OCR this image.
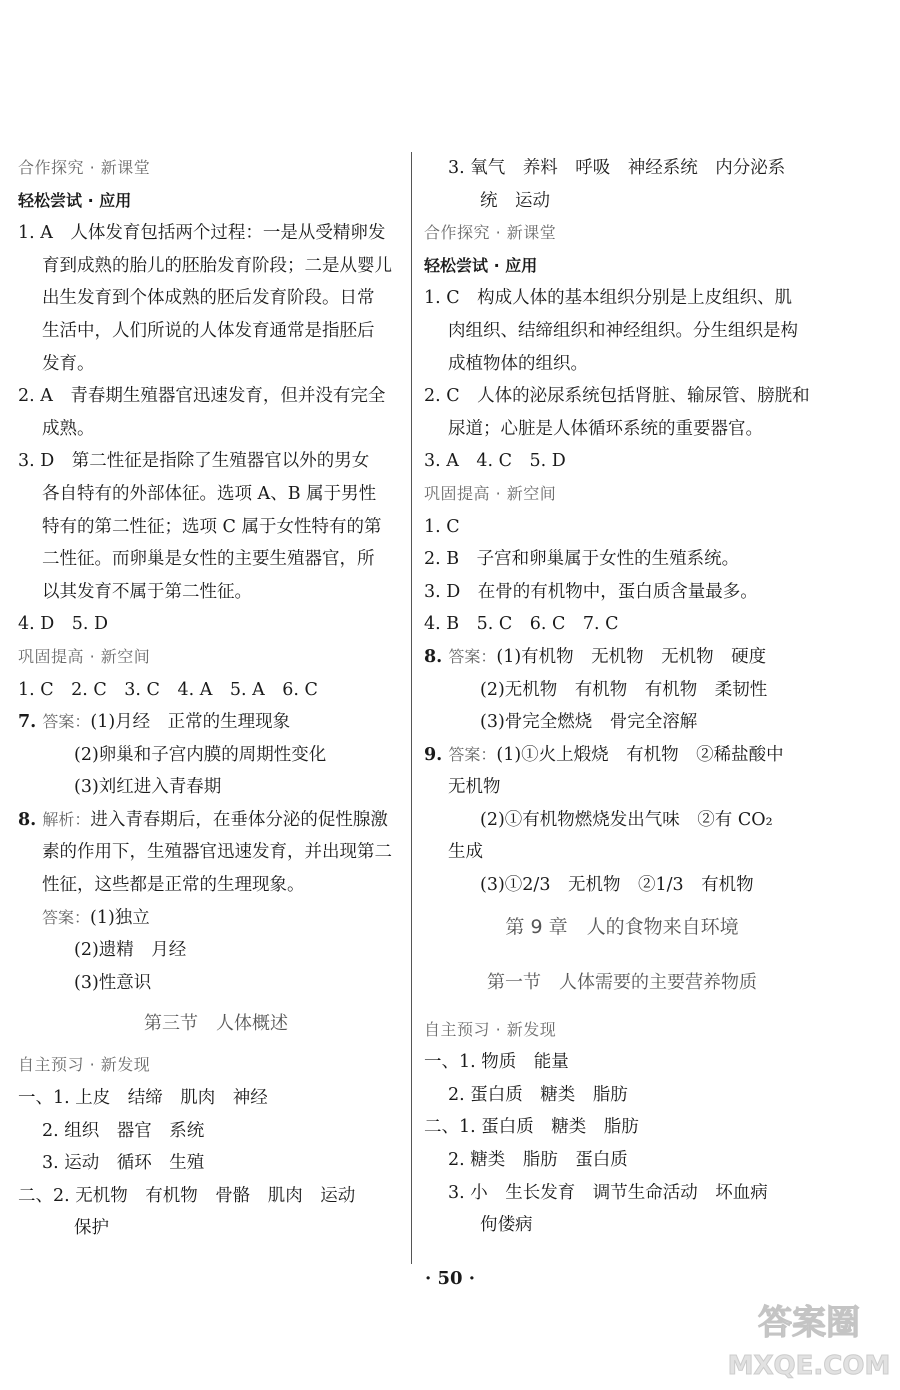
合作探究 · 新课堂
轻松尝试 · 应用
1. A　人体发育包括两个过程：一是从受精卵发
育到成熟的胎儿的胚胎发育阶段；二是从婴儿
出生发育到个体成熟的胚后发育阶段。日常
生活中，人们所说的人体发育通常是指胚后
发育。
2. A　青春期生殖器官迅速发育，但并没有完全
成熟。
3. D　第二性征是指除了生殖器官以外的男女
各自特有的外部体征。选项 A、B 属于男性
特有的第二性征；选项 C 属于女性特有的第
二性征。而卵巢是女性的主要生殖器官，所
以其发育不属于第二性征。
4. D　5. D
巩固提高 · 新空间
1. C　2. C　3. C　4. A　5. A　6. C
7. 答案：(1)月经　正常的生理现象
(2)卵巢和子宫内膜的周期性变化
(3)刘红进入青春期
8. 解析：进入青春期后，在垂体分泌的促性腺激
素的作用下，生殖器官迅速发育，并出现第二
性征，这些都是正常的生理现象。
答案：(1)独立
(2)遗精　月经
(3)性意识
第三节　人体概述
自主预习 · 新发现
一、1. 上皮　结缔　肌肉　神经
2. 组织　器官　系统
3. 运动　循环　生殖
二、2. 无机物　有机物　骨骼　肌肉　运动
保护
3. 氧气　养料　呼吸　神经系统　内分泌系
统　运动
合作探究 · 新课堂
轻松尝试 · 应用
1. C　构成人体的基本组织分别是上皮组织、肌
肉组织、结缔组织和神经组织。分生组织是构
成植物体的组织。
2. C　人体的泌尿系统包括肾脏、输尿管、膀胱和
尿道；心脏是人体循环系统的重要器官。
3. A　4. C　5. D
巩固提高 · 新空间
1. C
2. B　子宫和卵巢属于女性的生殖系统。
3. D　在骨的有机物中，蛋白质含量最多。
4. B　5. C　6. C　7. C
8. 答案：(1)有机物　无机物　无机物　硬度
(2)无机物　有机物　有机物　柔韧性
(3)骨完全燃烧　骨完全溶解
9. 答案：(1)①火上煅烧　有机物　②稀盐酸中
无机物
(2)①有机物燃烧发出气味　②有 CO₂
生成
(3)①2/3　无机物　②1/3　有机物
第 9 章　人的食物来自环境
第一节　人体需要的主要营养物质
自主预习 · 新发现
一、1. 物质　能量
2. 蛋白质　糖类　脂肪
二、1. 蛋白质　糖类　脂肪
2. 糖类　脂肪　蛋白质
3. 小　生长发育　调节生命活动　坏血病
佝偻病
· 50 ·
答案圈
MXQE.COM
